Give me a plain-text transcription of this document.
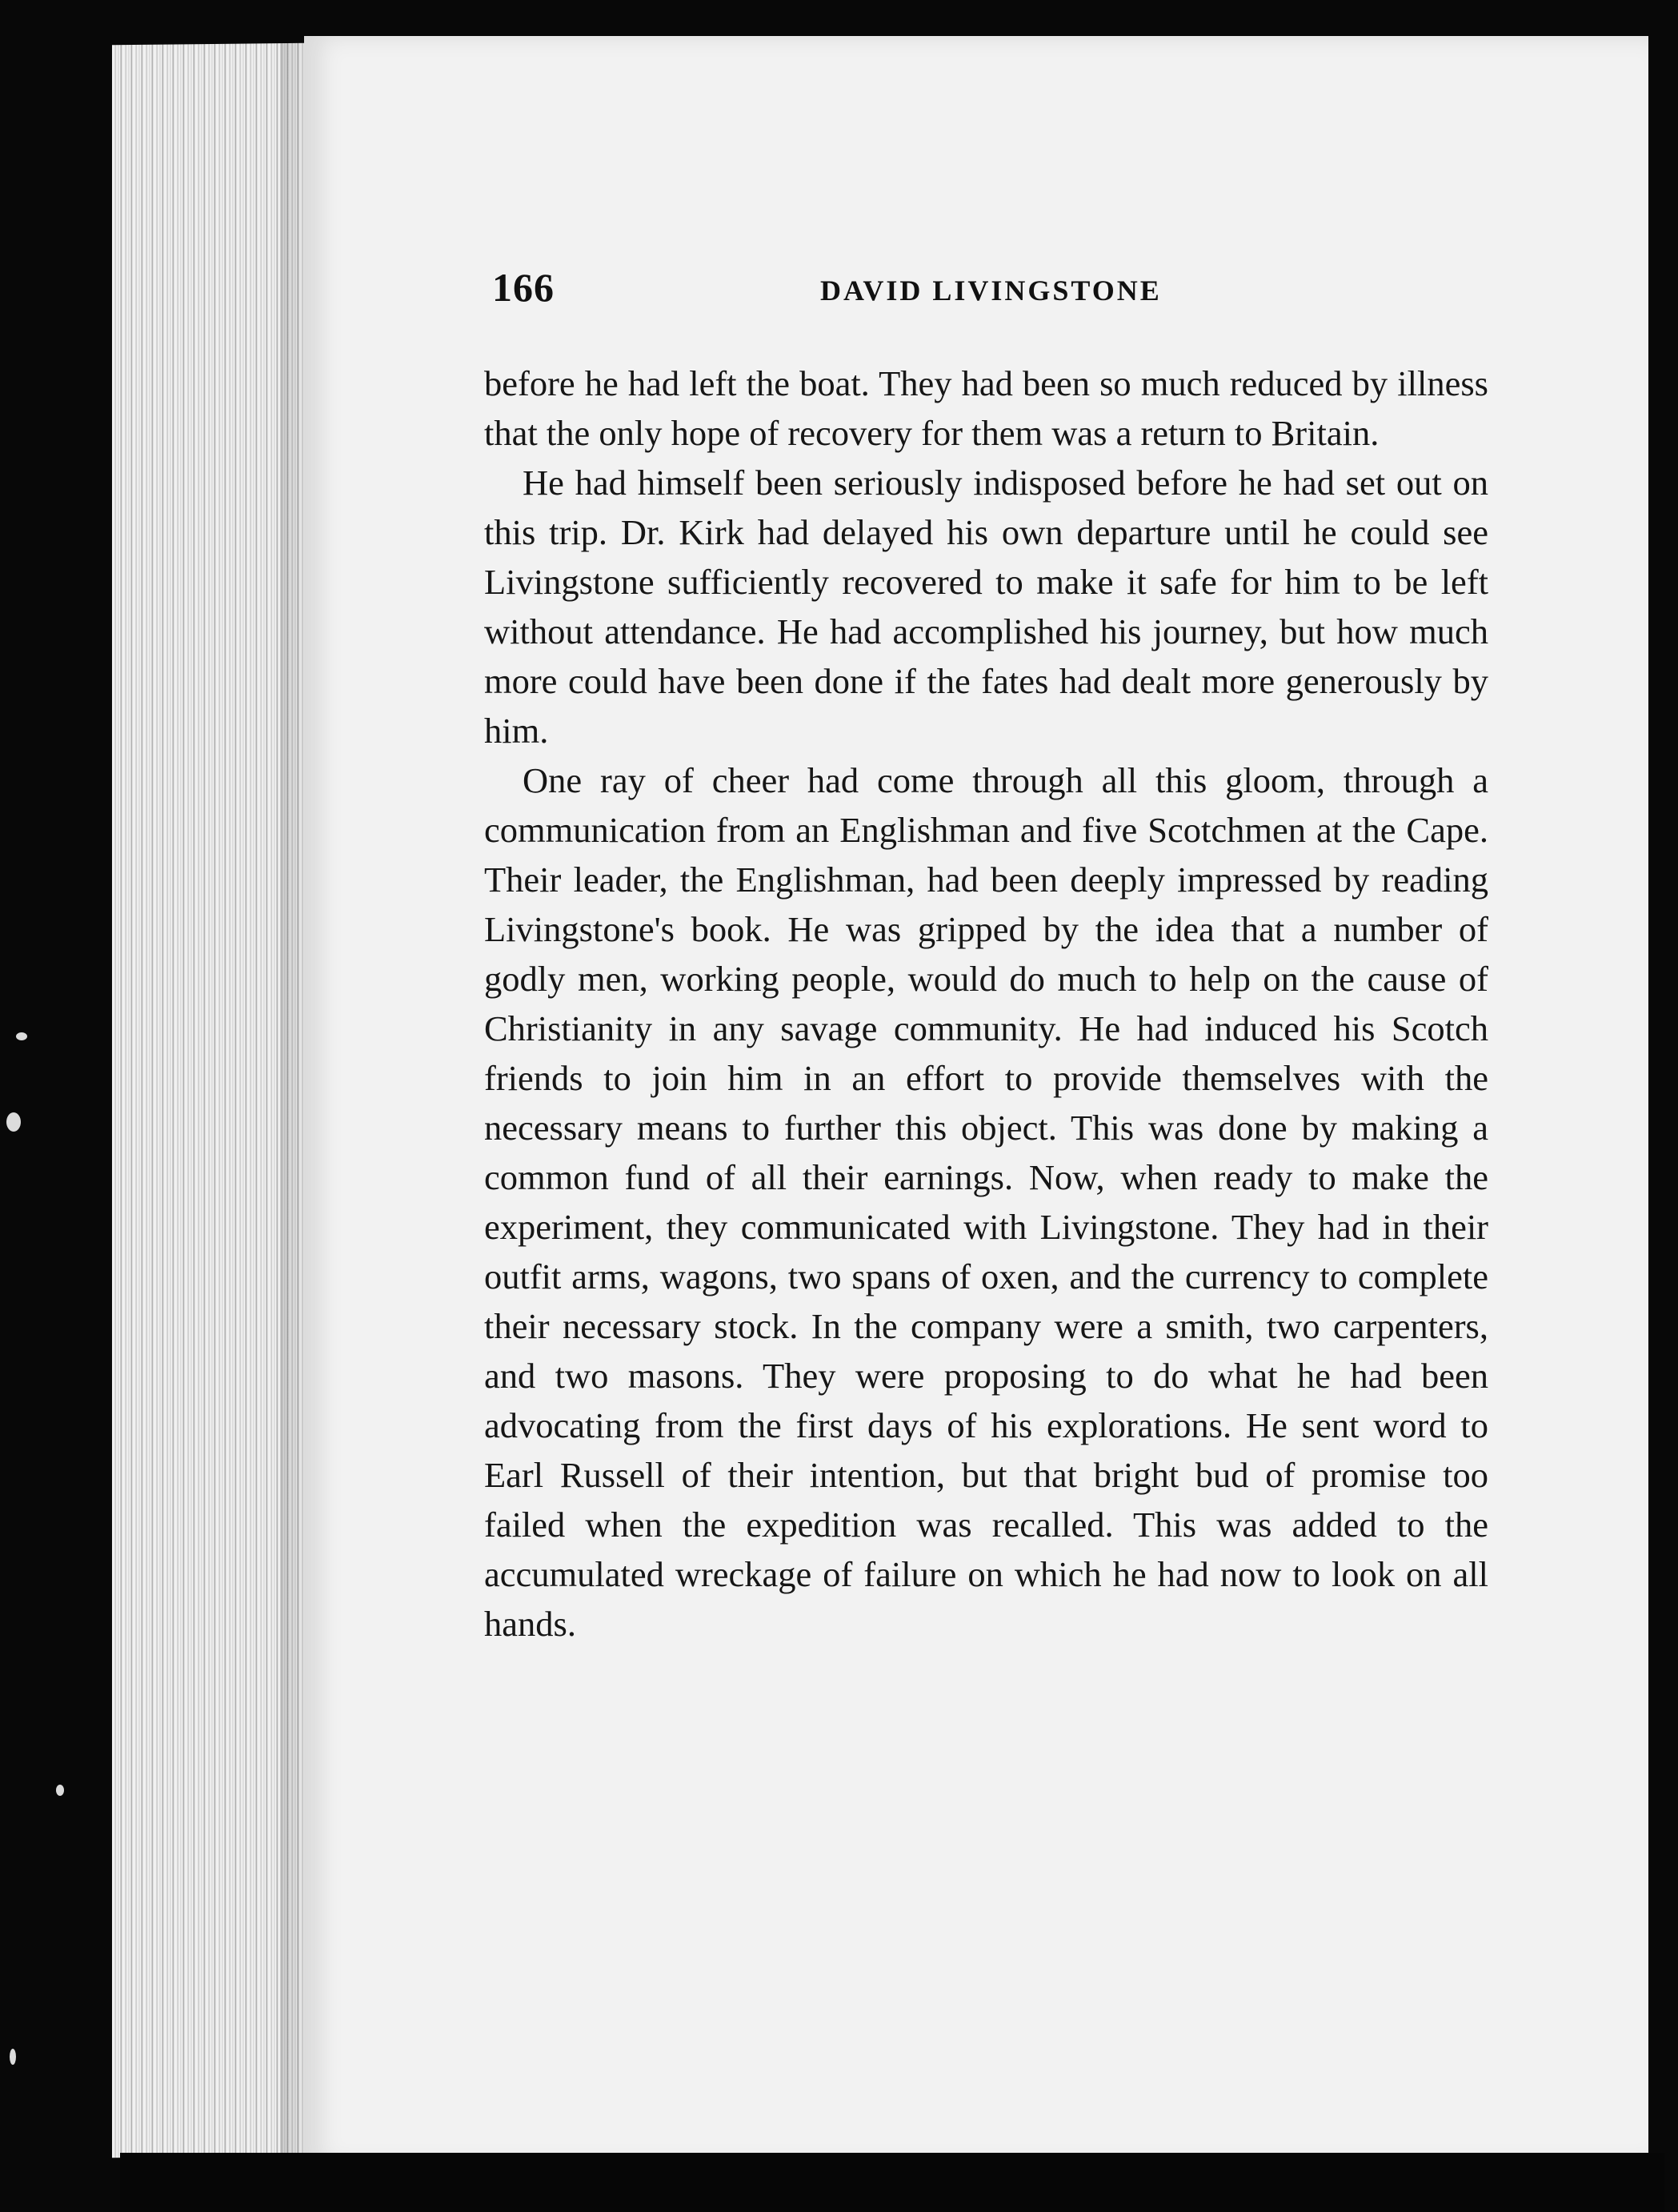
166	DAVID LIVINGSTONE

before he had left the boat. They had been so much reduced by illness that the only hope of recovery for them was a return to Britain.

He had himself been seriously indisposed before he had set out on this trip. Dr. Kirk had delayed his own departure until he could see Livingstone sufficiently recovered to make it safe for him to be left without attendance. He had accomplished his journey, but how much more could have been done if the fates had dealt more generously by him.

One ray of cheer had come through all this gloom, through a communication from an Englishman and five Scotchmen at the Cape. Their leader, the Englishman, had been deeply impressed by reading Livingstone's book. He was gripped by the idea that a number of godly men, working people, would do much to help on the cause of Christianity in any savage community. He had induced his Scotch friends to join him in an effort to provide themselves with the necessary means to further this object. This was done by making a common fund of all their earnings. Now, when ready to make the experiment, they communicated with Livingstone. They had in their outfit arms, wagons, two spans of oxen, and the currency to complete their necessary stock. In the company were a smith, two carpenters, and two masons. They were proposing to do what he had been advocating from the first days of his explorations. He sent word to Earl Russell of their intention, but that bright bud of promise too failed when the expedition was recalled. This was added to the accumulated wreckage of failure on which he had now to look on all hands.
